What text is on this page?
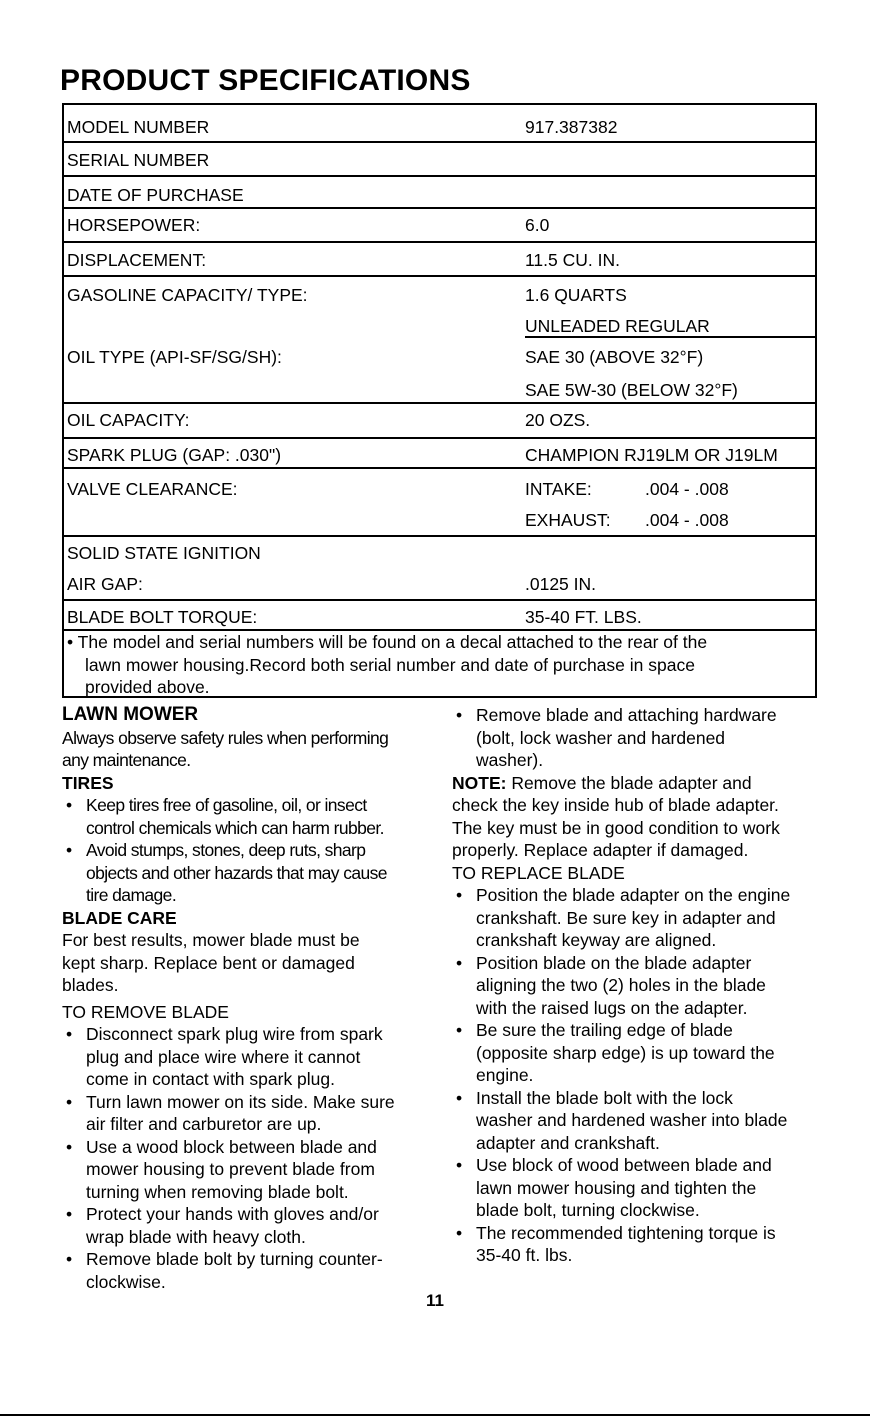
PRODUCT SPECIFICATIONS
MODEL NUMBER	917.387382
SERIAL NUMBER
DATE OF PURCHASE
HORSEPOWER:	6.0
DISPLACEMENT:	11.5 CU. IN.
GASOLINE CAPACITY/ TYPE:	1.6 QUARTS
UNLEADED REGULAR
OIL TYPE (API-SF/SG/SH):	SAE 30 (ABOVE 32°F)
SAE 5W-30 (BELOW 32°F)
OIL CAPACITY:	20 OZS.
SPARK PLUG (GAP: .030")	CHAMPION RJ19LM OR J19LM
VALVE CLEARANCE:	INTAKE:	.004 - .008
EXHAUST: .004 - .008
SOLID STATE IGNITION
AIR GAP:	.0125 IN.
BLADE BOLT TORQUE:	35-40 FT. LBS.
• The model and serial numbers will be found on a decal attached to the rear of the
lawn mower housing.Record both serial number and date of purchase in space
provided above.

LAWN MOWER

Always observe safety rules when performing

any maintenance.

TIRES

• Keep tires free of gasoline, oil, or insect

control chemicals which can harm rubber.

• Avoid stumps, stones, deep ruts, sharp

objects and other hazards that may cause

tire damage.

BLADE CARE

For best results, mower blade must be

kept sharp. Replace bent or damaged

blades.

TO REMOVE BLADE

• Disconnect spark plug wire from spark

plug and place wire where it cannot

come in contact with spark plug.

• Turn lawn mower on its side. Make sure

air filter and carburetor are up.

• Use a wood block between blade and

mower housing to prevent blade from

turning when removing blade bolt.

• Protect your hands with gloves and/or

wrap blade with heavy cloth.

• Remove blade bolt by turning counter-

clockwise.

• Remove blade and attaching hardware

(bolt, lock washer and hardened

washer).

NOTE: Remove the blade adapter and

check the key inside hub of blade adapter.

The key must be in good condition to work

properly. Replace adapter if damaged.

TO REPLACE BLADE

• Position the blade adapter on the engine

crankshaft. Be sure key in adapter and

crankshaft keyway are aligned.

• Position blade on the blade adapter

aligning the two (2) holes in the blade

with the raised lugs on the adapter.

• Be sure the trailing edge of blade

(opposite sharp edge) is up toward the

engine.

• Install the blade bolt with the lock

washer and hardened washer into blade

adapter and crankshaft.

• Use block of wood between blade and

lawn mower housing and tighten the

blade bolt, turning clockwise.

• The recommended tightening torque is

35-40 ft. lbs.

11
